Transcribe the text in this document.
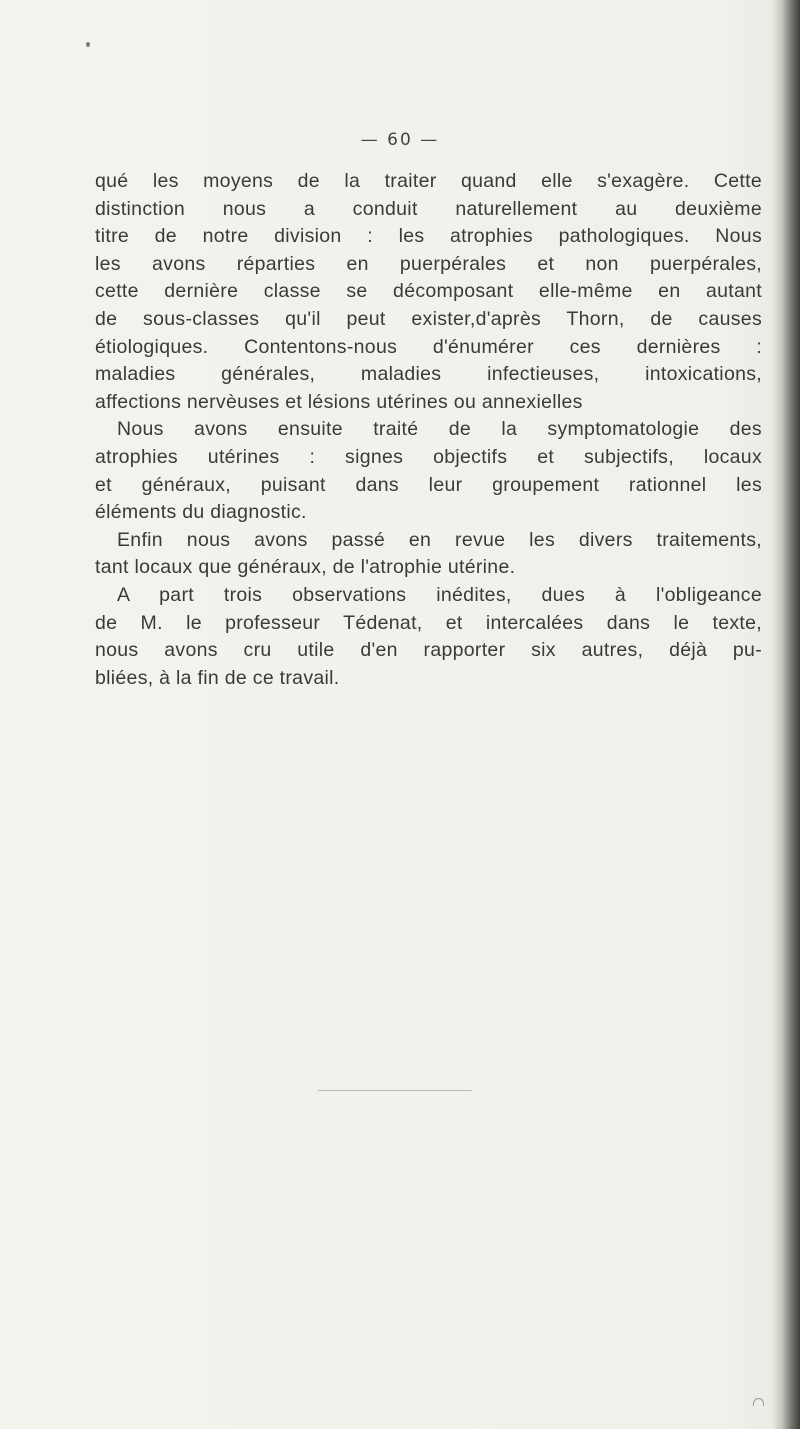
— 60 —
qué les moyens de la traiter quand elle s'exagère. Cette
distinction nous a conduit naturellement au deuxième
titre de notre division : les atrophies pathologiques. Nous
les avons réparties en puerpérales et non puerpérales,
cette dernière classe se décomposant elle-même en autant
de sous-classes qu'il peut exister,d'après Thorn, de causes
étiologiques. Contentons-nous d'énumérer ces dernières :
maladies générales, maladies infectieuses, intoxications,
affections nervèuses et lésions utérines ou annexielles
Nous avons ensuite traité de la symptomatologie des
atrophies utérines : signes objectifs et subjectifs, locaux
et généraux, puisant dans leur groupement rationnel les
éléments du diagnostic.
Enfin nous avons passé en revue les divers traitements,
tant locaux que généraux, de l'atrophie utérine.
A part trois observations inédites, dues à l'obligeance
de M. le professeur Tédenat, et intercalées dans le texte,
nous avons cru utile d'en rapporter six autres, déjà pu-
bliées, à la fin de ce travail.
